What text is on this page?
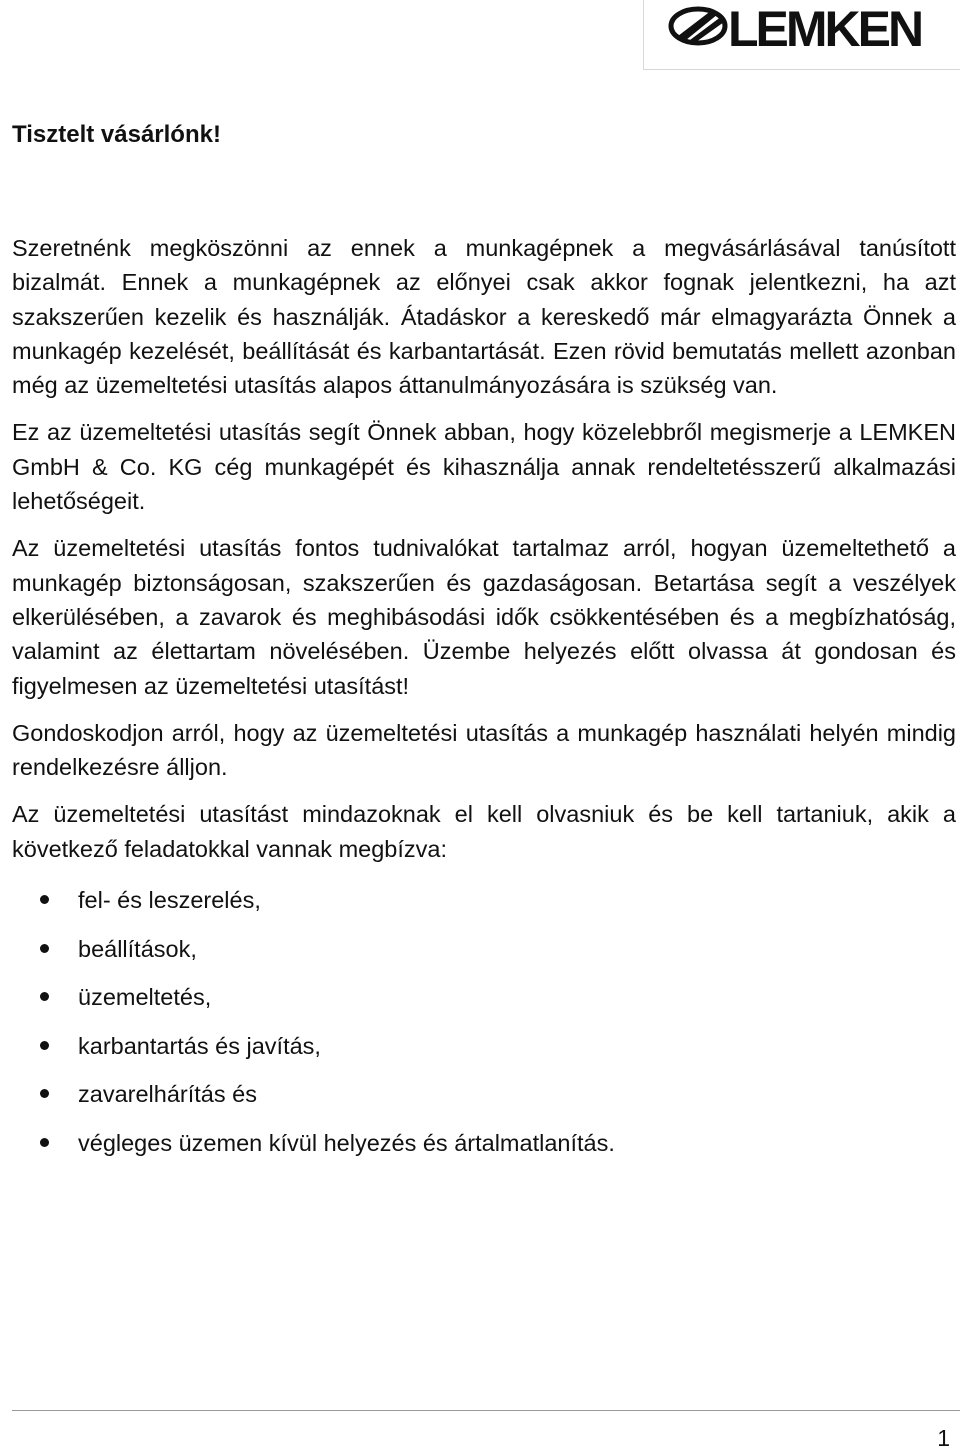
LEMKEN
Tisztelt vásárlónk!

Szeretnénk megköszönni az ennek a munkagépnek a megvásárlásával tanúsított bizalmát. Ennek a munkagépnek az előnyei csak akkor fognak jelentkezni, ha azt szakszerűen kezelik és használják. Átadáskor a kereskedő már elmagyarázta Önnek a munkagép kezelését, beállítását és karbantartását. Ezen rövid bemutatás mellett azonban még az üzemeltetési utasítás alapos áttanulmányozására is szükség van.

Ez az üzemeltetési utasítás segít Önnek abban, hogy közelebbről megismerje a LEMKEN GmbH & Co. KG cég munkagépét és kihasználja annak rendeltetésszerű alkalmazási lehetőségeit.

Az üzemeltetési utasítás fontos tudnivalókat tartalmaz arról, hogyan üzemeltethető a munkagép biztonságosan, szakszerűen és gazdaságosan. Betartása segít a veszélyek elkerülésében, a zavarok és meghibásodási idők csökkentésében és a megbízhatóság, valamint az élettartam növelésében. Üzembe helyezés előtt olvassa át gondosan és figyelmesen az üzemeltetési utasítást!

Gondoskodjon arról, hogy az üzemeltetési utasítás a munkagép használati helyén mindig rendelkezésre álljon.

Az üzemeltetési utasítást mindazoknak el kell olvasniuk és be kell tartaniuk, akik a következő feladatokkal vannak megbízva:

fel- és leszerelés,
beállítások,
üzemeltetés,
karbantartás és javítás,
zavarelhárítás és
végleges üzemen kívül helyezés és ártalmatlanítás.
1
